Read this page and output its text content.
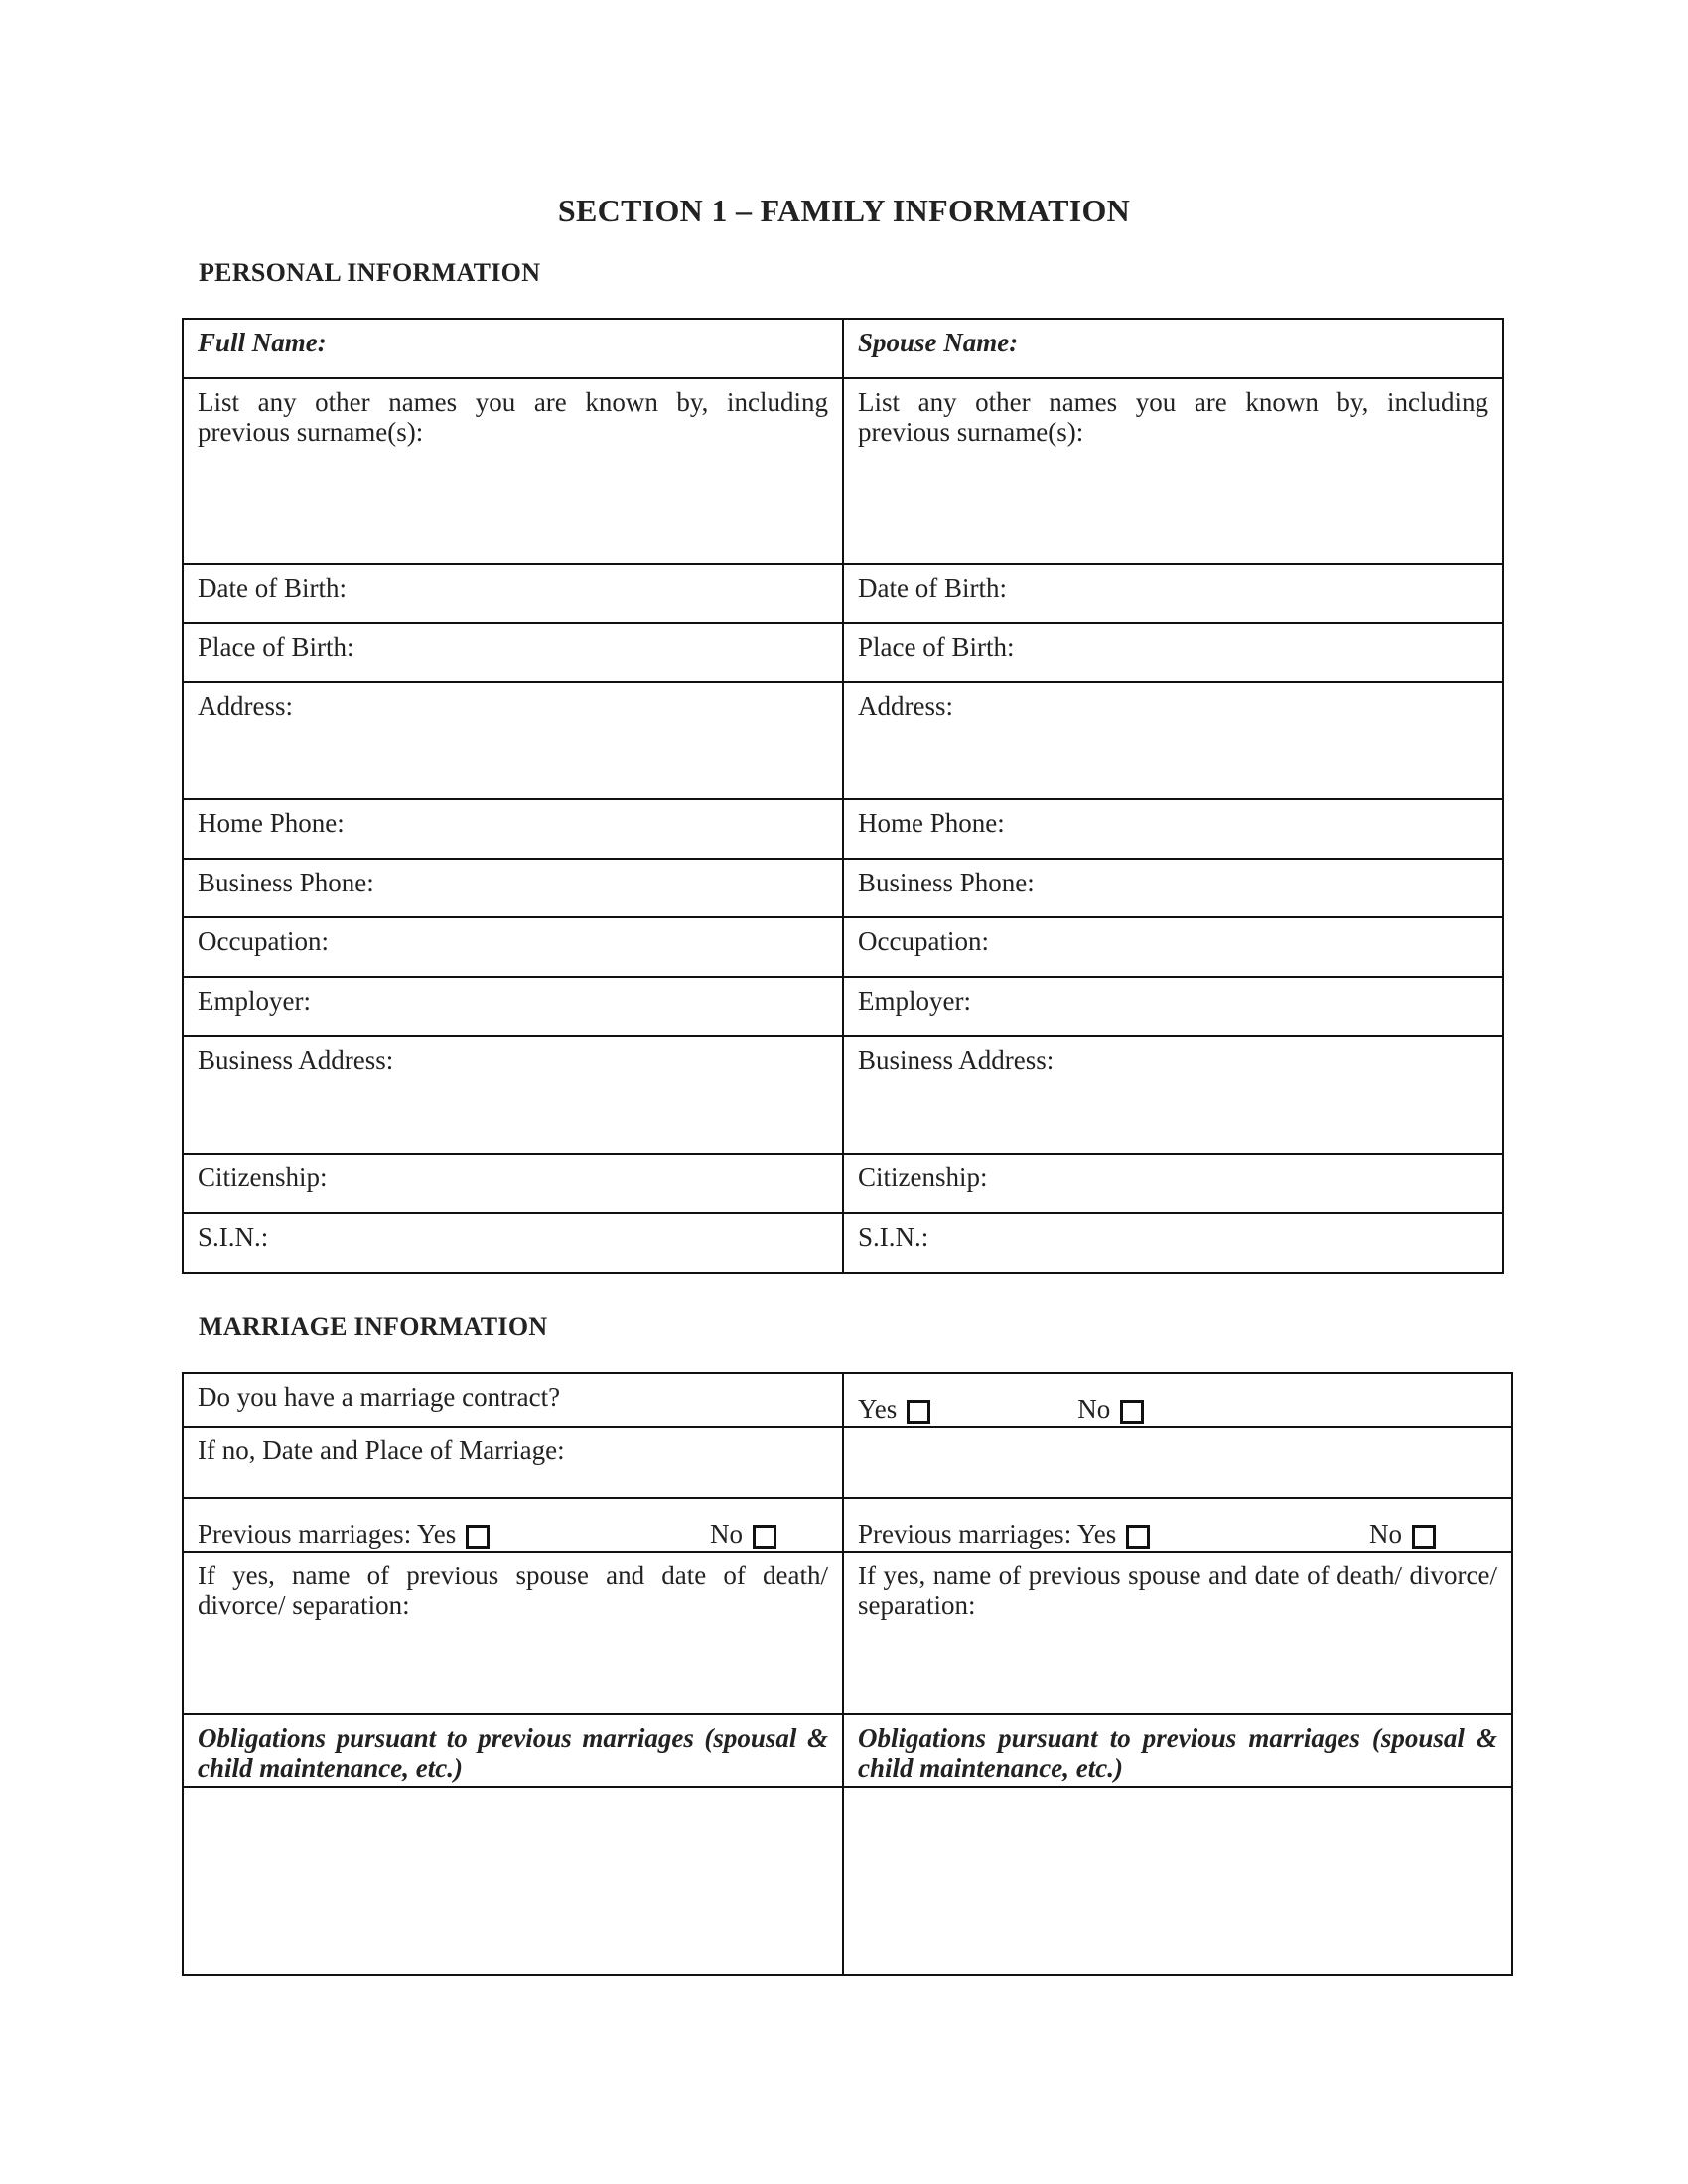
SECTION 1 – FAMILY INFORMATION
PERSONAL INFORMATION
Full Name:	Spouse Name:
List any other names you are known by, including previous surname(s):	List any other names you are known by, including previous surname(s):
Date of Birth:	Date of Birth:
Place of Birth:	Place of Birth:
Address:	Address:
Home Phone:	Home Phone:
Business Phone:	Business Phone:
Occupation:	Occupation:
Employer:	Employer:
Business Address:	Business Address:
Citizenship:	Citizenship:
S.I.N.:	S.I.N.:
MARRIAGE INFORMATION
Do you have a marriage contract?	Yes No

If no, Date and Place of Marriage:	

Previous marriages: Yes No	Previous marriages: Yes No

If yes, name of previous spouse and date of death/ divorce/ separation:	If yes, name of previous spouse and date of death/ divorce/ separation:
Obligations pursuant to previous marriages (spousal & child maintenance, etc.)	Obligations pursuant to previous marriages (spousal & child maintenance, etc.)
